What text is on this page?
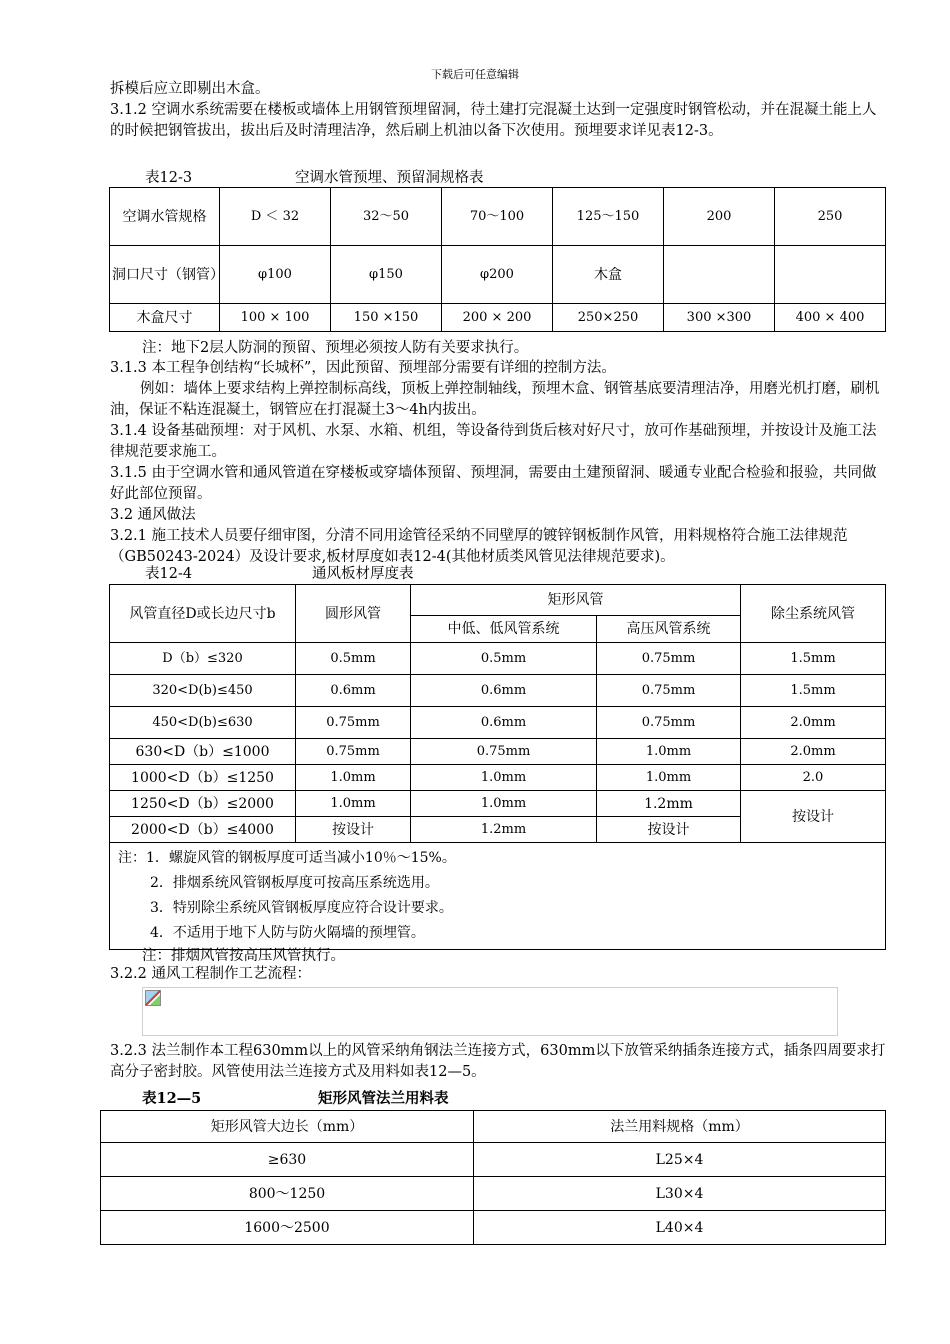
下载后可任意编辑
拆模后应立即剔出木盒。
3.1.2 空调水系统需要在楼板或墙体上用钢管预埋留洞，待土建打完混凝土达到一定强度时钢管松动，并在混凝土能上人的时候把钢管拔出，拔出后及时清理洁净，然后刷上机油以备下次使用。预埋要求详见表12-3。
表12-3	空调水管预埋、预留洞规格表
空调水管规格	D ＜ 32	32～50	70～100	125～150	200	250
洞口尺寸（钢管）	φ100	φ150	φ200	木盒		
木盒尺寸	100 × 100	150 ×150	200 × 200	250×250	300 ×300	400 × 400
注：地下2层人防洞的预留、预埋必须按人防有关要求执行。
3.1.3 本工程争创结构“长城杯”，因此预留、预埋部分需要有详细的控制方法。
例如：墙体上要求结构上弹控制标高线，顶板上弹控制轴线，预埋木盒、钢管基底要清理洁净，用磨光机打磨，刷机油，保证不粘连混凝土，钢管应在打混凝土3～4h内拔出。
3.1.4 设备基础预埋：对于风机、水泵、水箱、机组，等设备待到货后核对好尺寸，放可作基础预埋，并按设计及施工法律规范要求施工。
3.1.5 由于空调水管和通风管道在穿楼板或穿墙体预留、预埋洞，需要由土建预留洞、暖通专业配合检验和报验，共同做好此部位预留。
3.2 通风做法
3.2.1 施工技术人员要仔细审图，分清不同用途管径采纳不同壁厚的镀锌钢板制作风管，用料规格符合施工法律规范（GB50243-2024）及设计要求,板材厚度如表12-4(其他材质类风管见法律规范要求)。
表12-4	通风板材厚度表
风管直径D或长边尺寸b	圆形风管	矩形风管		除尘系统风管
		中低、低风管系统	高压风管系统	
D（b）≤320	0.5mm	0.5mm	0.75mm	1.5mm
320<D(b)≤450	0.6mm	0.6mm	0.75mm	1.5mm
450<D(b)≤630	0.75mm	0.6mm	0.75mm	2.0mm
630<D（b）≤1000	0.75mm	0.75mm	1.0mm	2.0mm
1000<D（b）≤1250	1.0mm	1.0mm	1.0mm	2.0
1250<D（b）≤2000	1.0mm	1.0mm	1.2mm	按设计
2000<D（b）≤4000	按设计	1.2mm	按设计	

注：1．螺旋风管的钢板厚度可适当减小10％～15%。
2．排烟系统风管钢板厚度可按高压系统选用。
3．特别除尘系统风管钢板厚度应符合设计要求。
4．不适用于地下人防与防火隔墙的预埋管。				
注：排烟风管按高压风管执行。
3.2.2 通风工程制作工艺流程：
3.2.3 法兰制作本工程630mm以上的风管采纳角钢法兰连接方式，630mm以下放管采纳插条连接方式，插条四周要求打高分子密封胶。风管使用法兰连接方式及用料如表12—5。
表12—5	矩形风管法兰用料表
矩形风管大边长（mm）	法兰用料规格（mm）
≥630	L25×4
800～1250	L30×4
1600～2500	L40×4
